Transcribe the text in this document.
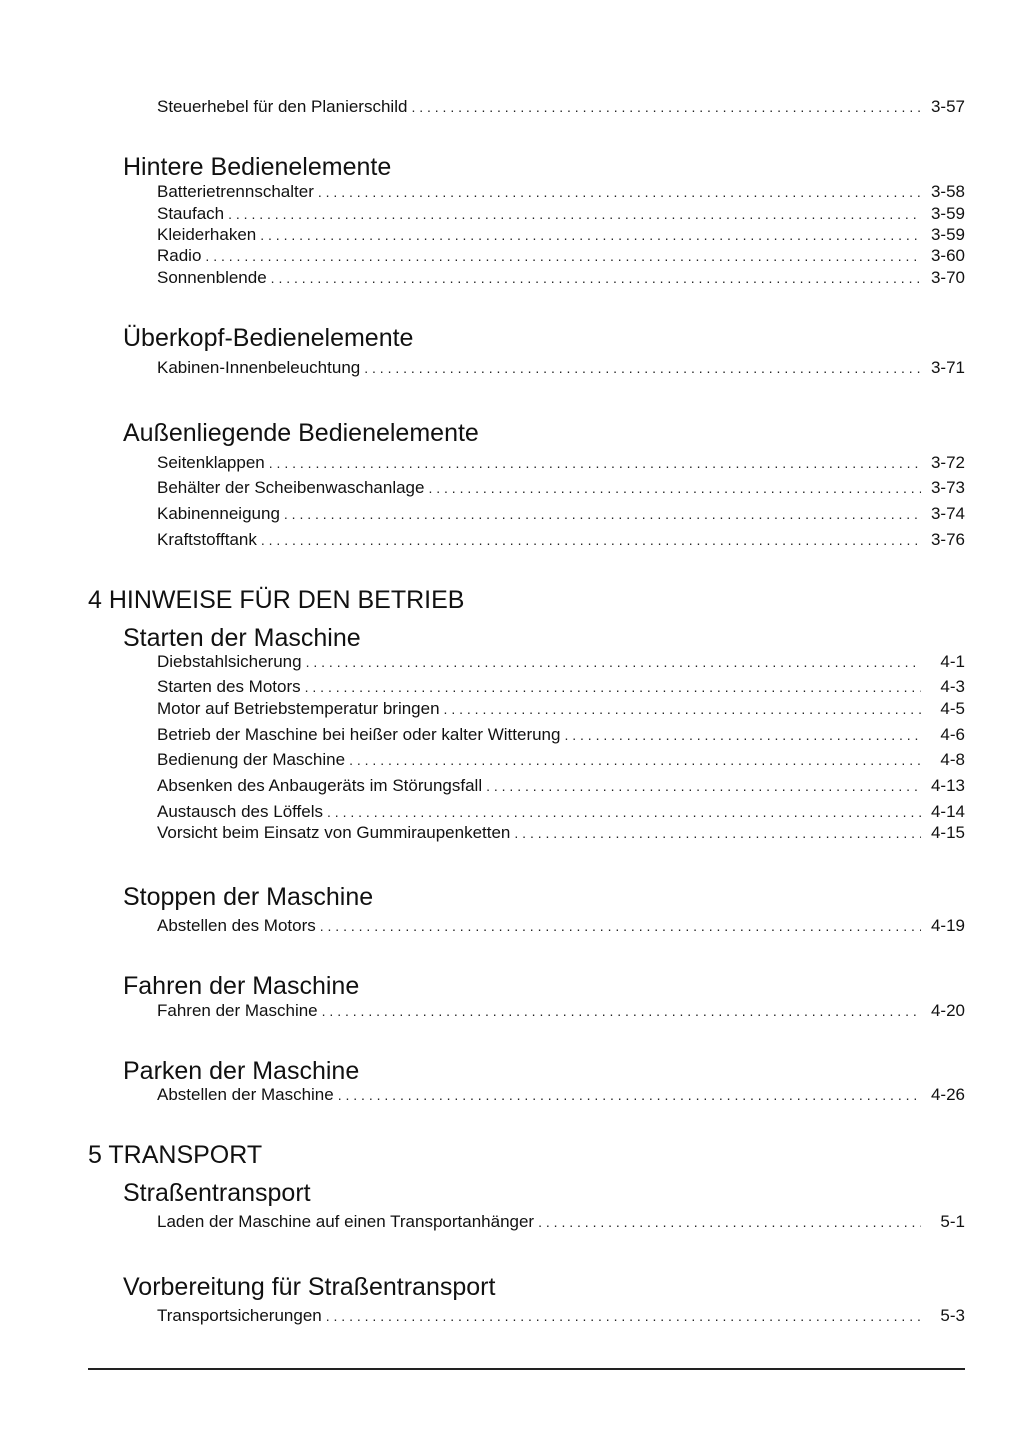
Steuerhebel für den Planierschild . . .	3-57
Hintere Bedienelemente
Batterietrennschalter . . .	3-58
Staufach . . .	3-59
Kleiderhaken . . .	3-59
Radio . . .	3-60
Sonnenblende . . .	3-70
Überkopf-Bedienelemente
Kabinen-Innenbeleuchtung . . .	3-71
Außenliegende Bedienelemente
Seitenklappen . . .	3-72
Behälter der Scheibenwaschanlage . . .	3-73
Kabinenneigung . . .	3-74
Kraftstofftank . . .	3-76
4 HINWEISE FÜR DEN BETRIEB
Starten der Maschine
Diebstahlsicherung . . .	4-1
Starten des Motors . . .	4-3
Motor auf Betriebstemperatur bringen . . .	4-5
Betrieb der Maschine bei heißer oder kalter Witterung . . .	4-6
Bedienung der Maschine . . .	4-8
Absenken des Anbaugeräts im Störungsfall . . .	4-13
Austausch des Löffels . . .	4-14
Vorsicht beim Einsatz von Gummiraupenketten . . .	4-15
Stoppen der Maschine
Abstellen des Motors . . .	4-19
Fahren der Maschine
Fahren der Maschine . . .	4-20
Parken der Maschine
Abstellen der Maschine . . .	4-26
5 TRANSPORT
Straßentransport
Laden der Maschine auf einen Transportanhänger . . .	5-1
Vorbereitung für Straßentransport
Transportsicherungen . . .	5-3
